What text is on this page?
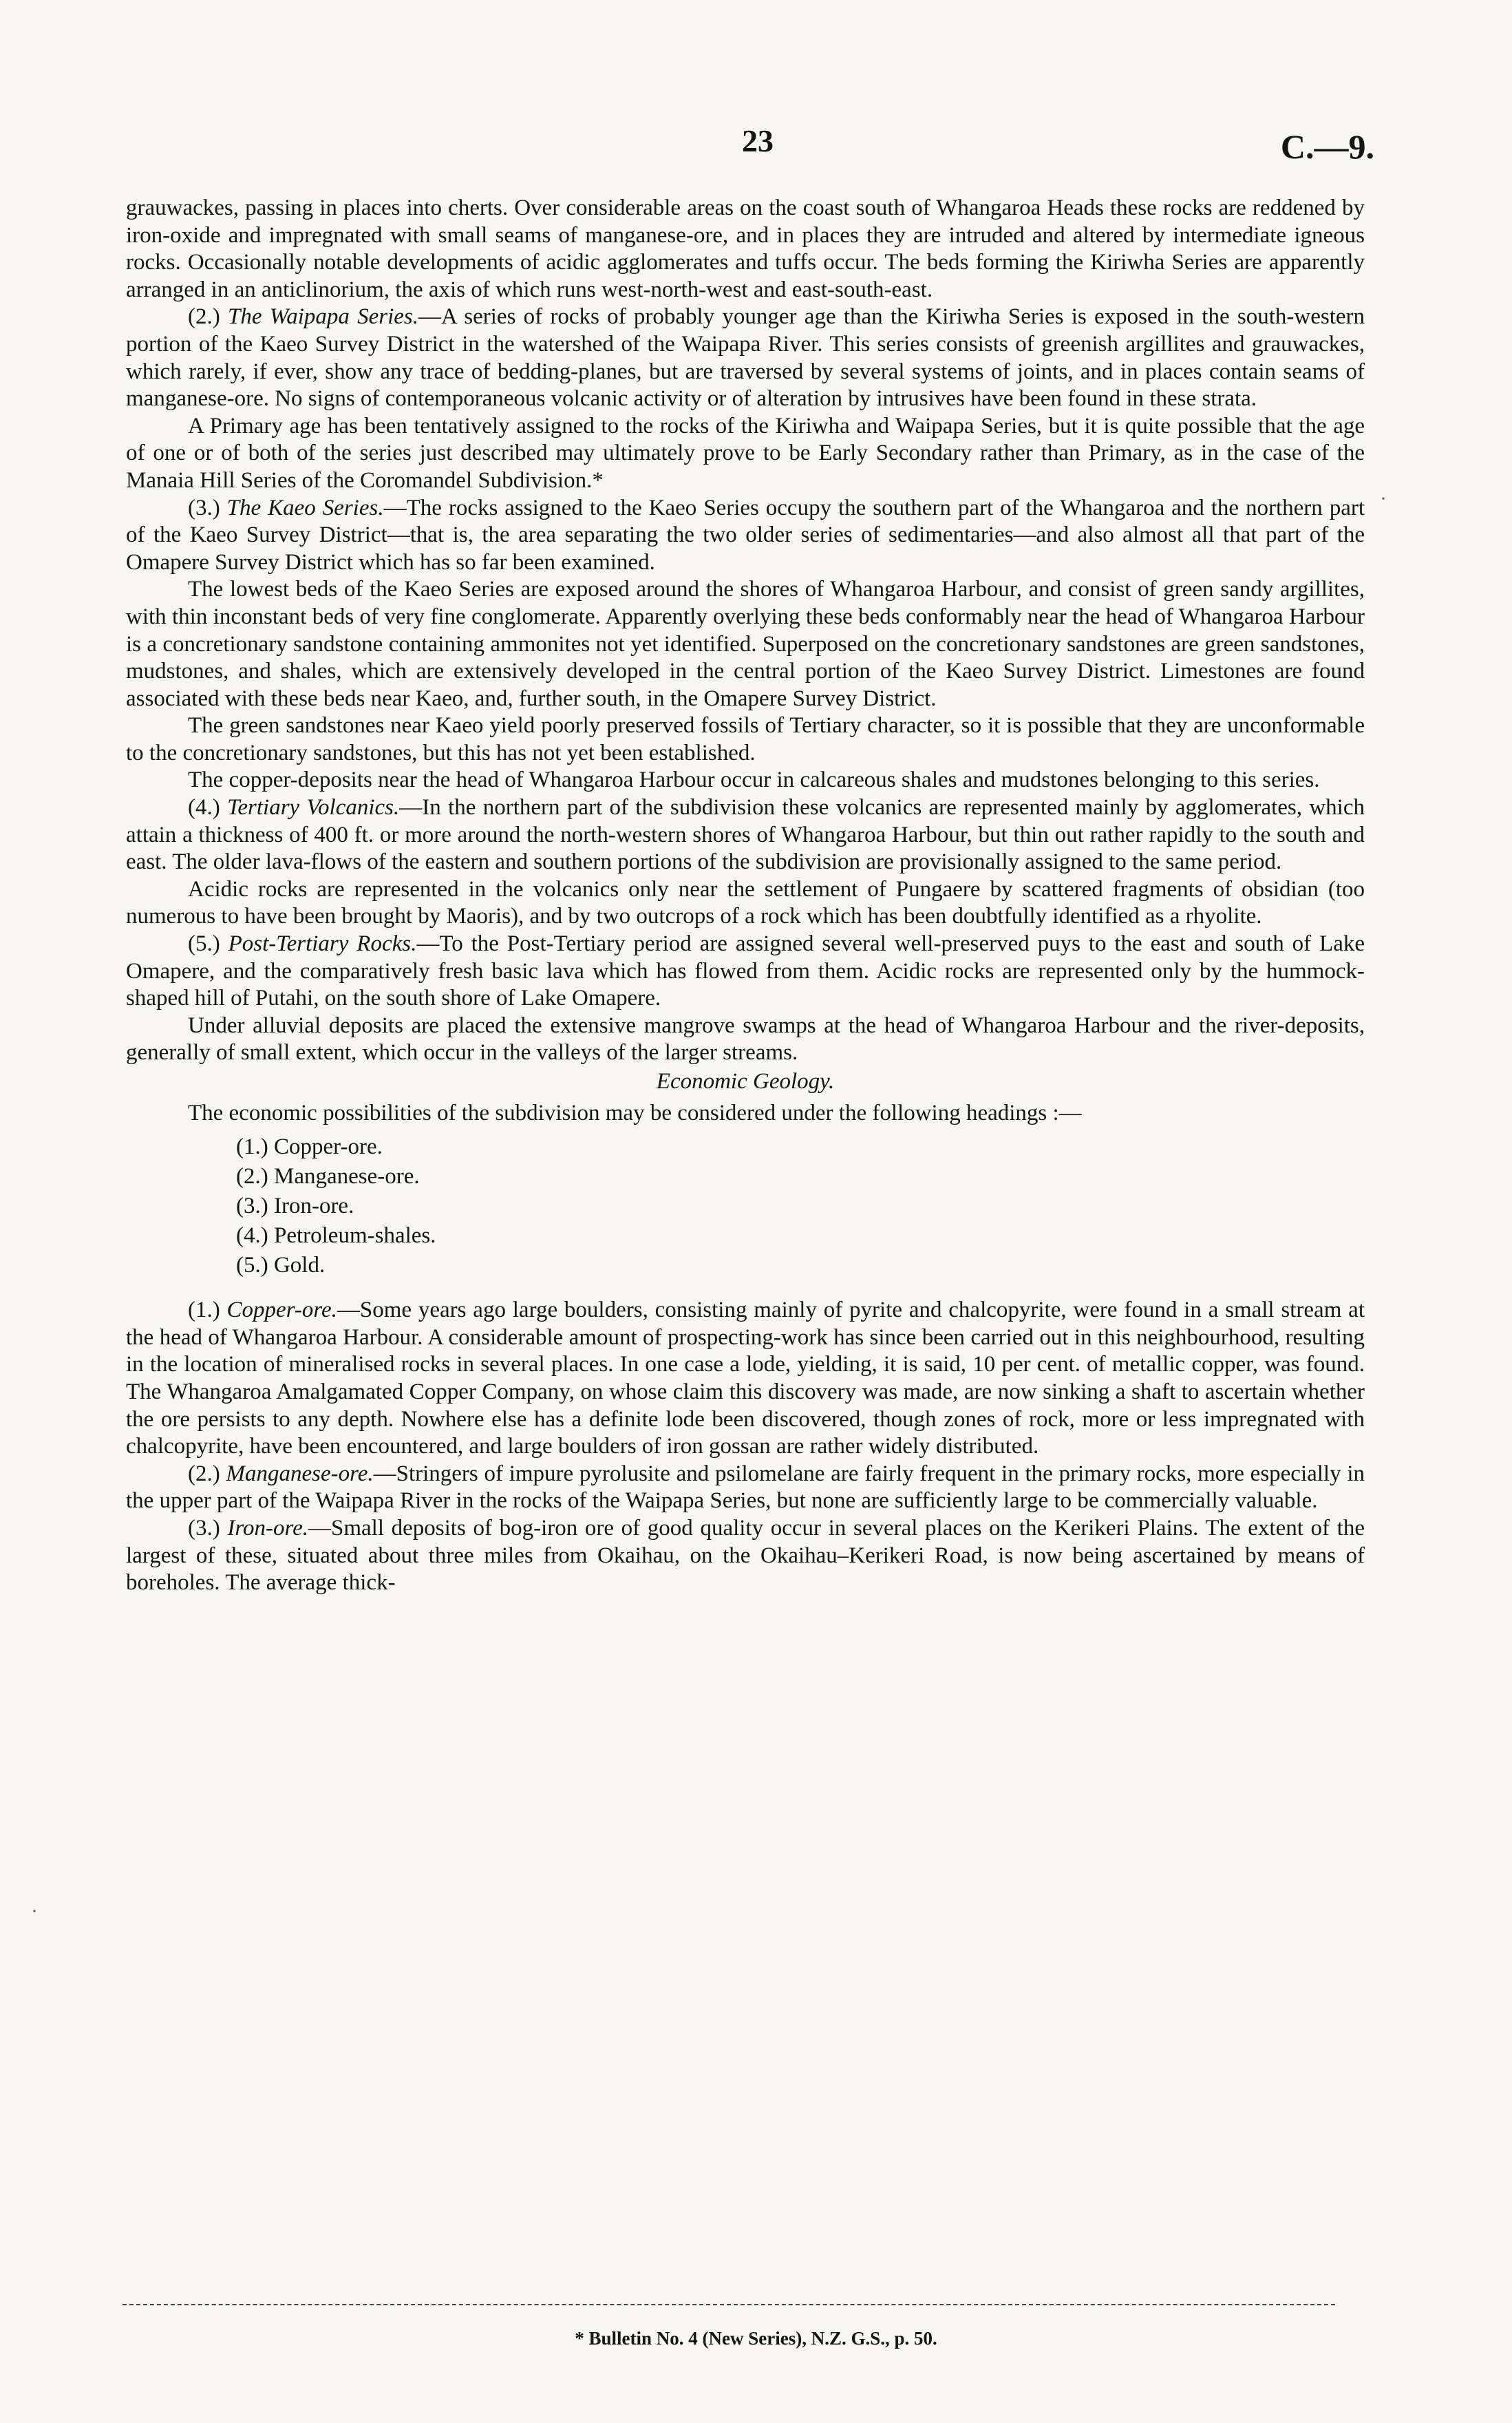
23	C.—9.

grauwackes, passing in places into cherts. Over considerable areas on the coast south of Whangaroa Heads these rocks are reddened by iron-oxide and impregnated with small seams of manganese-ore, and in places they are intruded and altered by intermediate igneous rocks. Occasionally notable developments of acidic agglomerates and tuffs occur. The beds forming the Kiriwha Series are apparently arranged in an anticlinorium, the axis of which runs west-north-west and east-south-east.

(2.) The Waipapa Series.—A series of rocks of probably younger age than the Kiriwha Series is exposed in the south-western portion of the Kaeo Survey District in the watershed of the Waipapa River. This series consists of greenish argillites and grauwackes, which rarely, if ever, show any trace of bedding-planes, but are traversed by several systems of joints, and in places contain seams of manganese-ore. No signs of contemporaneous volcanic activity or of alteration by intrusives have been found in these strata.

A Primary age has been tentatively assigned to the rocks of the Kiriwha and Waipapa Series, but it is quite possible that the age of one or of both of the series just described may ultimately prove to be Early Secondary rather than Primary, as in the case of the Manaia Hill Series of the Coromandel Subdivision.*

(3.) The Kaeo Series.—The rocks assigned to the Kaeo Series occupy the southern part of the Whangaroa and the northern part of the Kaeo Survey District—that is, the area separating the two older series of sedimentaries—and also almost all that part of the Omapere Survey District which has so far been examined.

The lowest beds of the Kaeo Series are exposed around the shores of Whangaroa Harbour, and consist of green sandy argillites, with thin inconstant beds of very fine conglomerate. Apparently overlying these beds conformably near the head of Whangaroa Harbour is a concretionary sandstone containing ammonites not yet identified. Superposed on the concretionary sandstones are green sandstones, mudstones, and shales, which are extensively developed in the central portion of the Kaeo Survey District. Limestones are found associated with these beds near Kaeo, and, further south, in the Omapere Survey District.

The green sandstones near Kaeo yield poorly preserved fossils of Tertiary character, so it is possible that they are unconformable to the concretionary sandstones, but this has not yet been established.

The copper-deposits near the head of Whangaroa Harbour occur in calcareous shales and mudstones belonging to this series.

(4.) Tertiary Volcanics.—In the northern part of the subdivision these volcanics are represented mainly by agglomerates, which attain a thickness of 400 ft. or more around the north-western shores of Whangaroa Harbour, but thin out rather rapidly to the south and east. The older lava-flows of the eastern and southern portions of the subdivision are provisionally assigned to the same period.

Acidic rocks are represented in the volcanics only near the settlement of Pungaere by scattered fragments of obsidian (too numerous to have been brought by Maoris), and by two outcrops of a rock which has been doubtfully identified as a rhyolite.

(5.) Post-Tertiary Rocks.—To the Post-Tertiary period are assigned several well-preserved puys to the east and south of Lake Omapere, and the comparatively fresh basic lava which has flowed from them. Acidic rocks are represented only by the hummock-shaped hill of Putahi, on the south shore of Lake Omapere.

Under alluvial deposits are placed the extensive mangrove swamps at the head of Whangaroa Harbour and the river-deposits, generally of small extent, which occur in the valleys of the larger streams.

Economic Geology.

The economic possibilities of the subdivision may be considered under the following headings :—

(1.) Copper-ore.
(2.) Manganese-ore.
(3.) Iron-ore.
(4.) Petroleum-shales.
(5.) Gold.

(1.) Copper-ore.—Some years ago large boulders, consisting mainly of pyrite and chalcopyrite, were found in a small stream at the head of Whangaroa Harbour. A considerable amount of prospecting-work has since been carried out in this neighbourhood, resulting in the location of mineralised rocks in several places. In one case a lode, yielding, it is said, 10 per cent. of metallic copper, was found. The Whangaroa Amalgamated Copper Company, on whose claim this discovery was made, are now sinking a shaft to ascertain whether the ore persists to any depth. Nowhere else has a definite lode been discovered, though zones of rock, more or less impregnated with chalcopyrite, have been encountered, and large boulders of iron gossan are rather widely distributed.

(2.) Manganese-ore.—Stringers of impure pyrolusite and psilomelane are fairly frequent in the primary rocks, more especially in the upper part of the Waipapa River in the rocks of the Waipapa Series, but none are sufficiently large to be commercially valuable.

(3.) Iron-ore.—Small deposits of bog-iron ore of good quality occur in several places on the Kerikeri Plains. The extent of the largest of these, situated about three miles from Okaihau, on the Okaihau–Kerikeri Road, is now being ascertained by means of boreholes. The average thick-

·
·
* Bulletin No. 4 (New Series), N.Z. G.S., p. 50.
